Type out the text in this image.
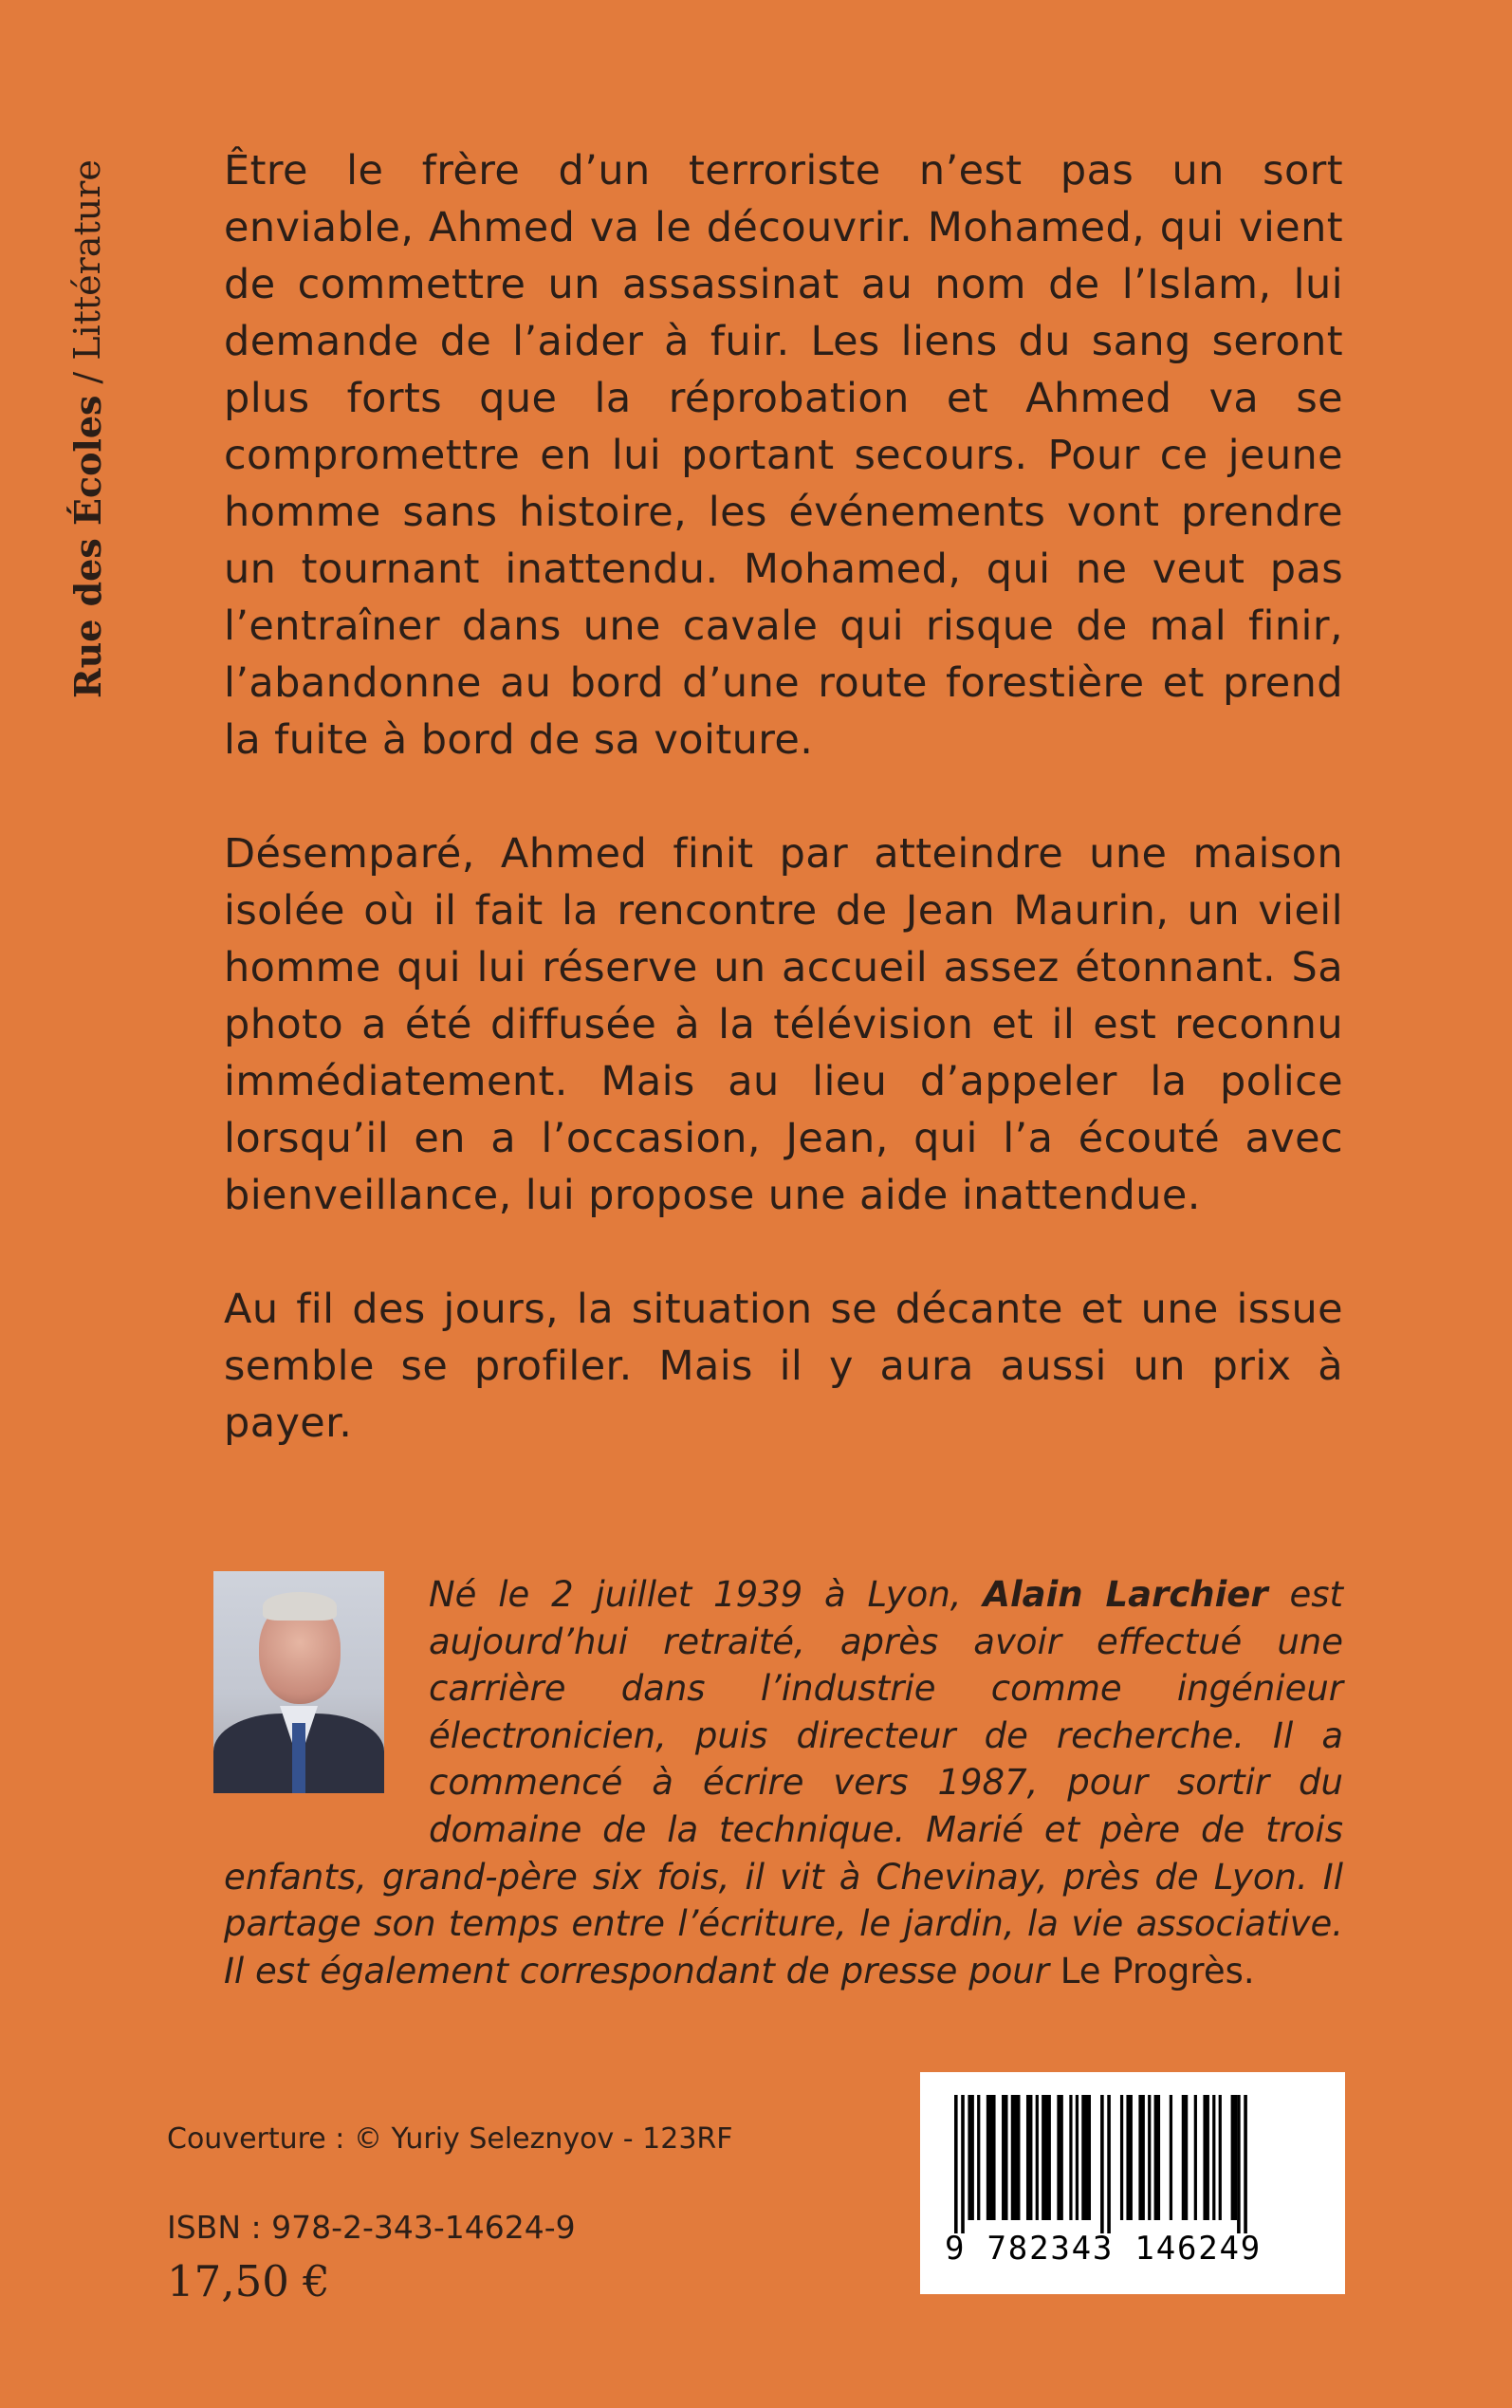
Rue des Écoles
/
Littérature	Être le frère d’un terroriste n’est pas un sort enviable, Ahmed va le découvrir. Mohamed, qui vient de commettre un assassinat au nom de l’Islam, lui demande de l’aider à fuir. Les liens du sang seront plus forts que la réprobation et Ahmed va se compromettre en lui portant secours. Pour ce jeune homme sans histoire, les événements vont prendre un tournant inattendu. Mohamed, qui ne veut pas l’entraîner dans une cavale qui risque de mal finir, l’abandonne au bord d’une route forestière et prend la fuite à bord de sa voiture.

Désemparé, Ahmed finit par atteindre une maison isolée où il fait la rencontre de Jean Maurin, un vieil homme qui lui réserve un accueil assez étonnant. Sa photo a été diffusée à la télévision et il est reconnu immédiatement. Mais au lieu d’appeler la police lorsqu’il en a l’occasion, Jean, qui l’a écouté avec bienveillance, lui propose une aide inattendue.

Au fil des jours, la situation se décante et une issue semble se profiler. Mais il y aura aussi un prix à payer.

Né le 2 juillet 1939 à Lyon, Alain Larchier est aujourd’hui retraité, après avoir effectué une carrière dans l’industrie comme ingénieur électronicien, puis directeur de recherche. Il a commencé à écrire vers 1987, pour sortir du domaine de la technique. Marié et père de trois enfants, grand-père six fois, il vit à Chevinay, près de Lyon. Il partage son temps entre l’écriture, le jardin, la vie associative. Il est également correspondant de presse pour Le Progrès.
Couverture : © Yuriy Seleznyov - 123RF
ISBN : 978-2-343-14624-9
17,50 €
9 782343 146249
